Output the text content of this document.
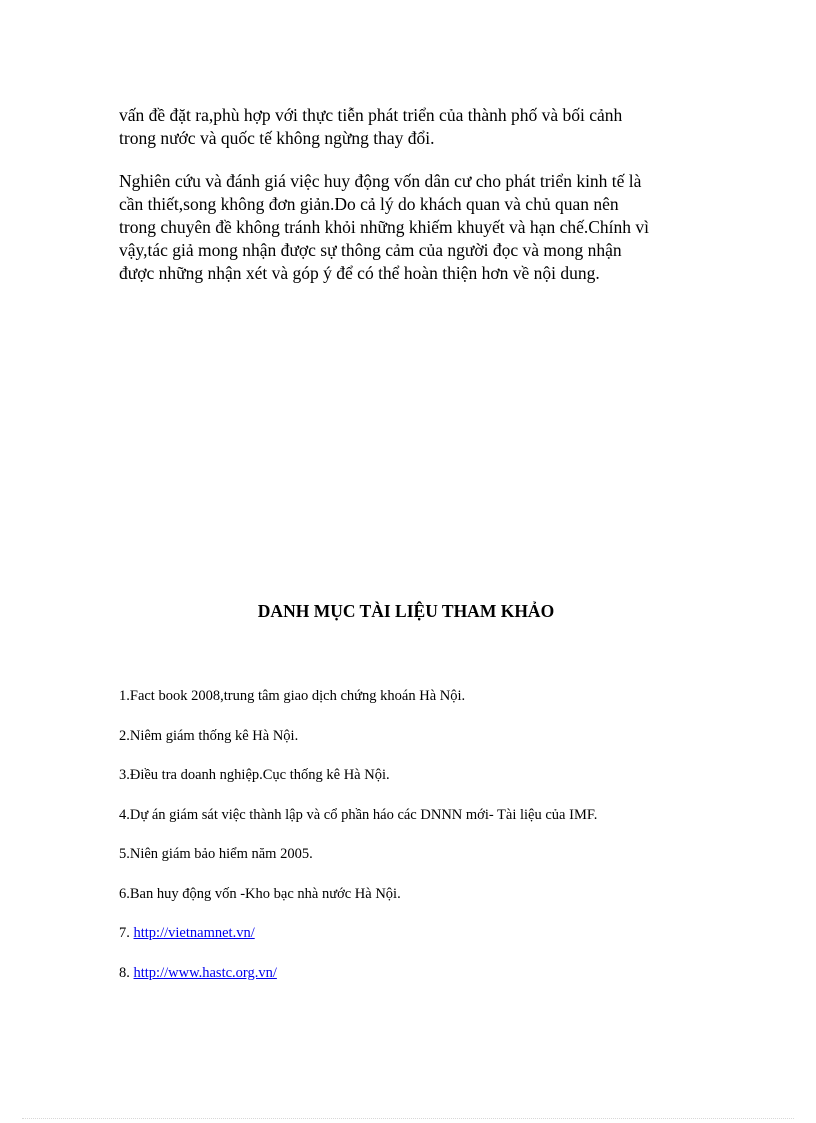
vấn đề đặt ra,phù hợp với thực tiễn phát triển của thành phố và bối cảnh
trong nước và quốc tế không ngừng thay đổi.
Nghiên cứu và đánh giá việc huy động vốn dân cư cho phát triển kinh tế là
cần thiết,song không đơn giản.Do cả lý do khách quan và chủ quan nên
trong chuyên đề không tránh khỏi những khiếm khuyết và hạn chế.Chính vì
vậy,tác giả mong nhận được sự thông cảm của người đọc và mong nhận
được những nhận xét và góp ý để có thể hoàn thiện hơn về nội dung.
DANH MỤC TÀI LIỆU THAM KHẢO
1.Fact book 2008,trung tâm giao dịch chứng khoán Hà Nội.
2.Niêm giám thống kê Hà Nội.
3.Điều tra doanh nghiệp.Cục thống kê Hà Nội.
4.Dự án giám sát việc thành lập và cổ phần háo các DNNN mới- Tài liệu của IMF.
5.Niên giám bảo hiểm năm 2005.
6.Ban huy động vốn -Kho bạc nhà nước Hà Nội.
7. http://vietnamnet.vn/
8. http://www.hastc.org.vn/
